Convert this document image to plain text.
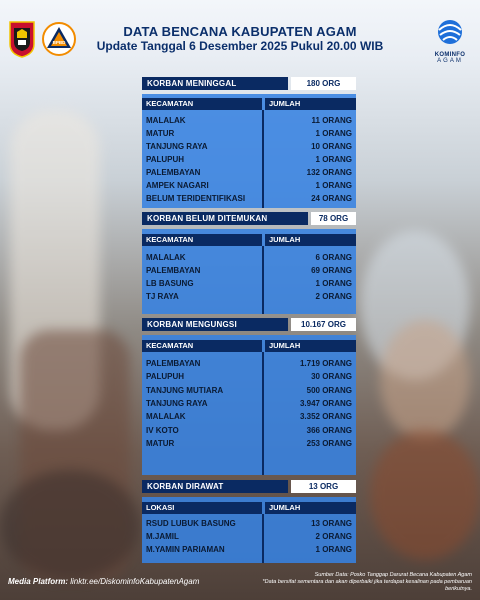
BPBD
DATA BENCANA KABUPATEN AGAM
Update Tanggal 6 Desember 2025 Pukul 20.00 WIB
KOMINFO
AGAM
KORBAN MENINGGAL	180 ORG
KECAMATAN	JUMLAH
MALALAK	11 ORANG
MATUR	1 ORANG
TANJUNG RAYA	10 ORANG
PALUPUH	1 ORANG
PALEMBAYAN	132 ORANG
AMPEK NAGARI	1 ORANG
BELUM TERIDENTIFIKASI	24 ORANG
KORBAN BELUM DITEMUKAN	78 ORG
KECAMATAN	JUMLAH
MALALAK	6 ORANG
PALEMBAYAN	69 ORANG
LB BASUNG	1 ORANG
TJ RAYA	2 ORANG
KORBAN MENGUNGSI	10.167 ORG
KECAMATAN	JUMLAH
PALEMBAYAN	1.719 ORANG
PALUPUH	30 ORANG
TANJUNG MUTIARA	500 ORANG
TANJUNG RAYA	3.947 ORANG
MALALAK	3.352 ORANG
IV KOTO	366 ORANG
MATUR	253 ORANG
KORBAN DIRAWAT	13 ORG
LOKASI	JUMLAH
RSUD LUBUK BASUNG	13 ORANG
M.JAMIL	2 ORANG
M.YAMIN PARIAMAN	1 ORANG
Media Platform: linktr.ee/DiskominfoKabupatenAgam
Sumber Data: Posko Tanggap Darurat Becana Kabupaten Agam
*Data bersifat sementara dan akan diperbaiki jika terdapat kesalinan pada pembaruan berikutnya.
